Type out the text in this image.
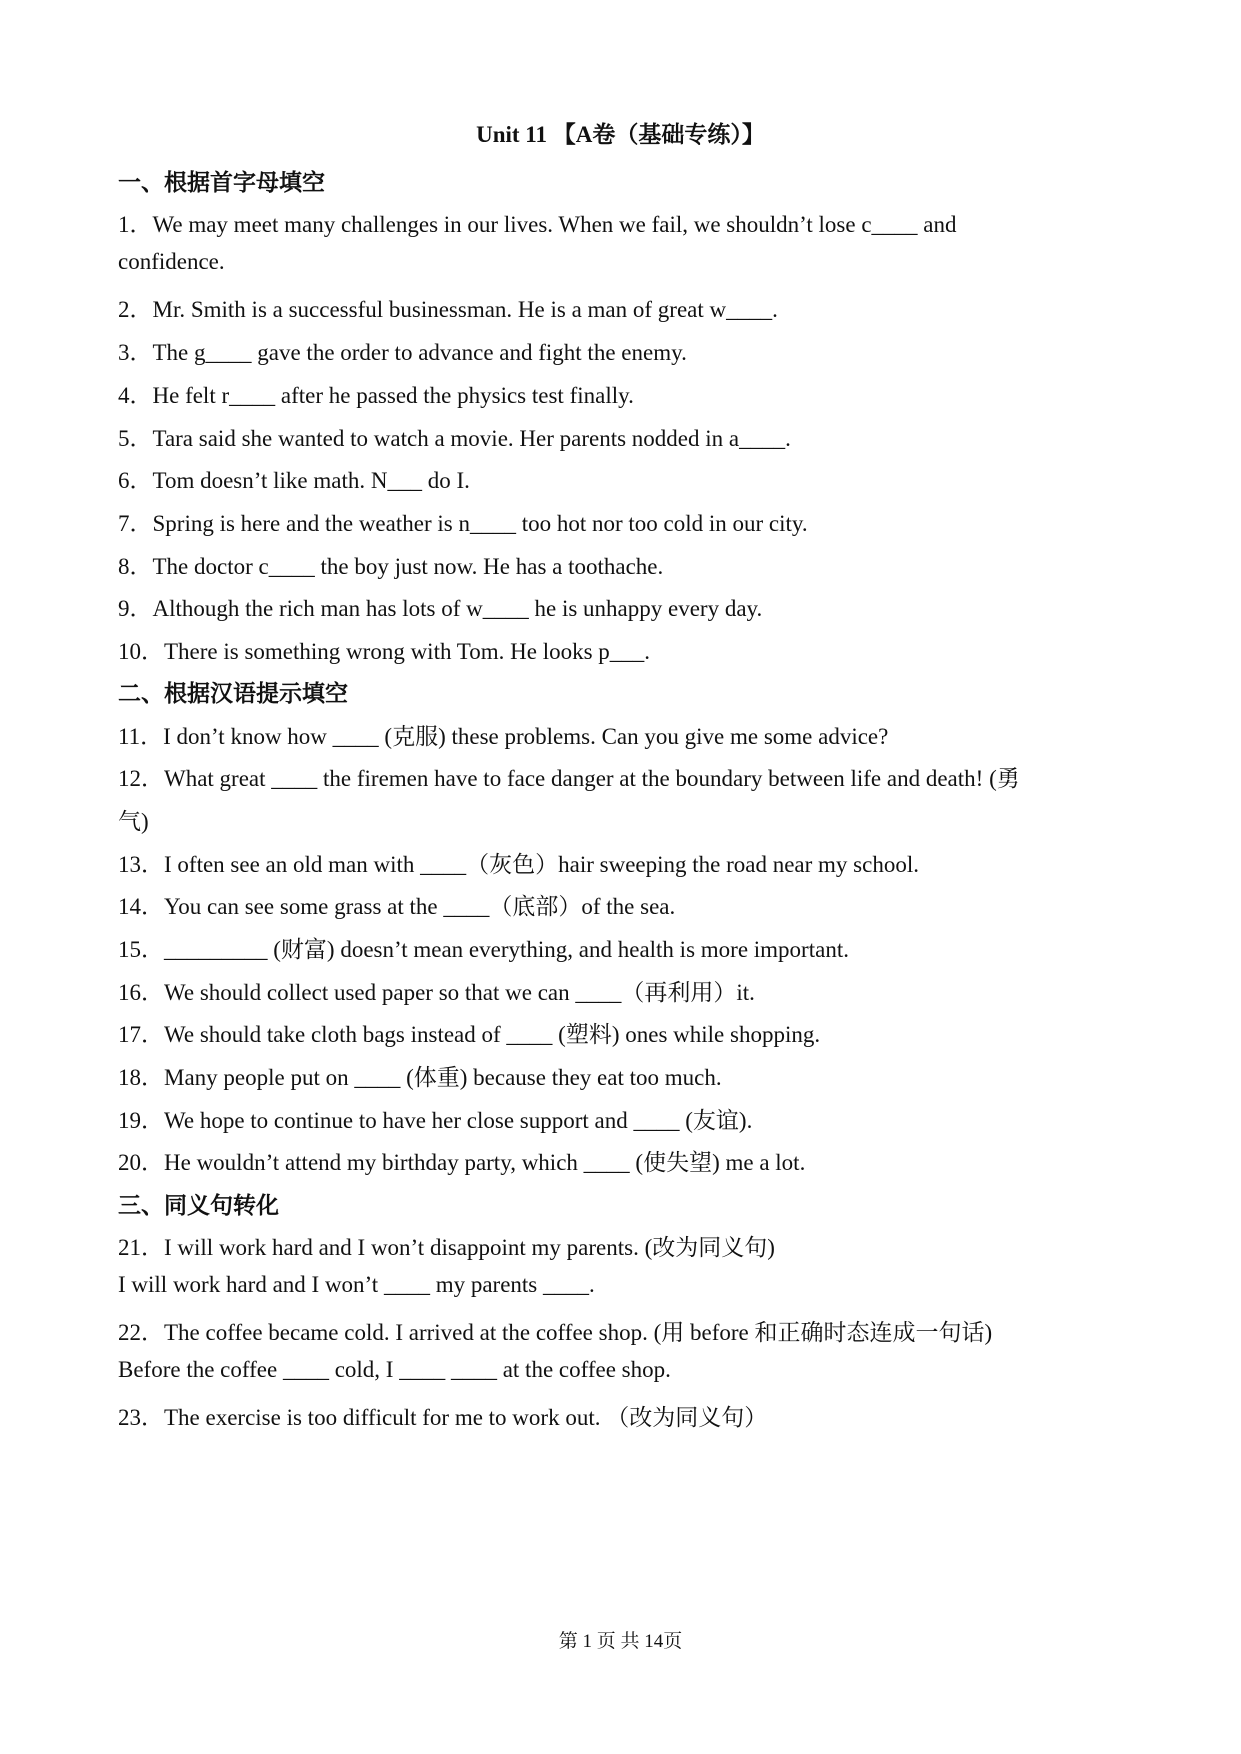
Unit 11 【A卷（基础专练）】
一、根据首字母填空
1．We may meet many challenges in our lives. When we fail, we shouldn’t lose c____ and
confidence.
2．Mr. Smith is a successful businessman. He is a man of great w____.
3．The g____ gave the order to advance and fight the enemy.
4．He felt r____ after he passed the physics test finally.
5．Tara said she wanted to watch a movie. Her parents nodded in a____.
6．Tom doesn’t like math. N___ do I.
7．Spring is here and the weather is n____ too hot nor too cold in our city.
8．The doctor c____ the boy just now. He has a toothache.
9．Although the rich man has lots of w____ he is unhappy every day.
10．There is something wrong with Tom. He looks p___.
二、根据汉语提示填空
11．I don’t know how ____ (克服) these problems. Can you give me some advice?
12．What great ____ the firemen have to face danger at the boundary between life and death! (勇
气)
13．I often see an old man with ____（灰色）hair sweeping the road near my school.
14．You can see some grass at the ____（底部）of the sea.
15．_________ (财富) doesn’t mean everything, and health is more important.
16．We should collect used paper so that we can ____（再利用）it.
17．We should take cloth bags instead of ____ (塑料) ones while shopping.
18．Many people put on ____ (体重) because they eat too much.
19．We hope to continue to have her close support and ____ (友谊).
20．He wouldn’t attend my birthday party, which ____ (使失望) me a lot.
三、同义句转化
21．I will work hard and I won’t disappoint my parents. (改为同义句)
I will work hard and I won’t ____ my parents ____.
22．The coffee became cold. I arrived at the coffee shop. (用 before 和正确时态连成一句话)
Before the coffee ____ cold, I ____ ____ at the coffee shop.
23．The exercise is too difficult for me to work out. （改为同义句）
第 1 页 共 14页
